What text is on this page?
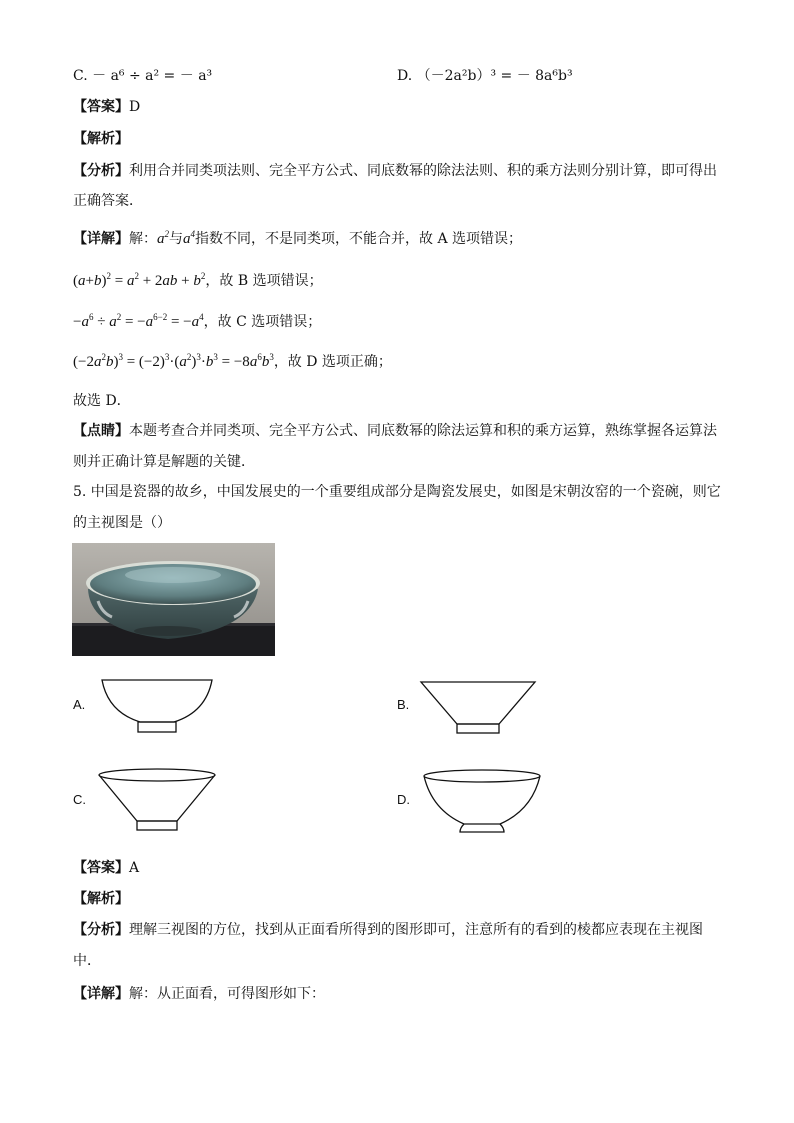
C. － a⁶ ÷ a² = － a³	D. （－2a²b）³ = － 8a⁶b³
【答案】D
【解析】
【分析】利用合并同类项法则、完全平方公式、同底数幂的除法法则、积的乘方法则分别计算，即可得出
正确答案．
【详解】解：$a^2$与$a^4$指数不同，不是同类项，不能合并，故 A 选项错误；
$(a+b)^2 = a^2 + 2ab + b^2$，故 B 选项错误；
$-a^6 \div a^2 = -a^{6-2} = -a^4$，故 C 选项错误；
$(-2a^2b)^3 = (-2)^3\cdot(a^2)^3\cdot b^3 = -8a^6b^3$，故 D 选项正确；
故选 D．
【点睛】本题考查合并同类项、完全平方公式、同底数幂的除法运算和积的乘方运算，熟练掌握各运算法
则并正确计算是解题的关键．
5. 中国是瓷器的故乡，中国发展史的一个重要组成部分是陶瓷发展史，如图是宋朝汝窑的一个瓷碗，则它
的主视图是（）
A.	B.
C.	D.
【答案】A
【解析】
【分析】理解三视图的方位，找到从正面看所得到的图形即可，注意所有的看到的棱都应表现在主视图
中．
【详解】解：从正面看，可得图形如下：
